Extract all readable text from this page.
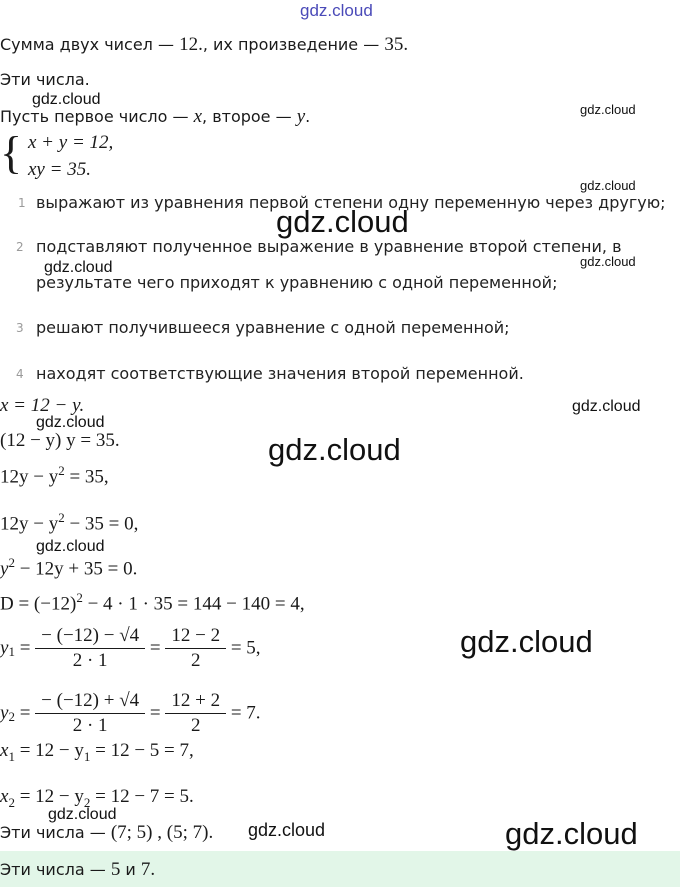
gdz.cloud
gdz.cloud
gdz.cloud
gdz.cloud
gdz.cloud
gdz.cloud	gdz.cloud
gdz.cloud
gdz.cloud
gdz.cloud
gdz.cloud
gdz.cloud
gdz.cloud
gdz.cloud	gdz.cloud
Сумма двух чисел — 12., их произведение — 35.
Эти числа.
Пусть первое число — x, второе — y.
{ x + y = 12,
xy = 35.
1 выражают из уравнения первой степени одну переменную через другую;
2 подставляют полученное выражение в уравнение второй степени, в
результате чего приходят к уравнению с одной переменной;
3 решают получившееся уравнение с одной переменной;
4 находят соответствующие значения второй переменной.
x = 12 − y.
(12 − y) y = 35.
$12y - y^2 = 35$,
$12y - y^2 - 35 = 0$,
$y^2 - 12y + 35 = 0$.
$D = (-12)^2 - 4 \cdot 1 \cdot 35 = 144 - 140 = 4$,
$y_1 = \frac{- (-12) - √4}{2 \cdot 1} = \frac{12 - 2}{2} = 5$,
$y_2 = \frac{- (-12) + √4}{2 \cdot 1} = \frac{12 + 2}{2} = 7$.
$x_1 = 12 - y_1 = 12 - 5 = 7$,
$x_2 = 12 - y_2 = 12 - 7 = 5$.
Эти числа — (7; 5) , (5; 7).
Эти числа — 5 и 7.
